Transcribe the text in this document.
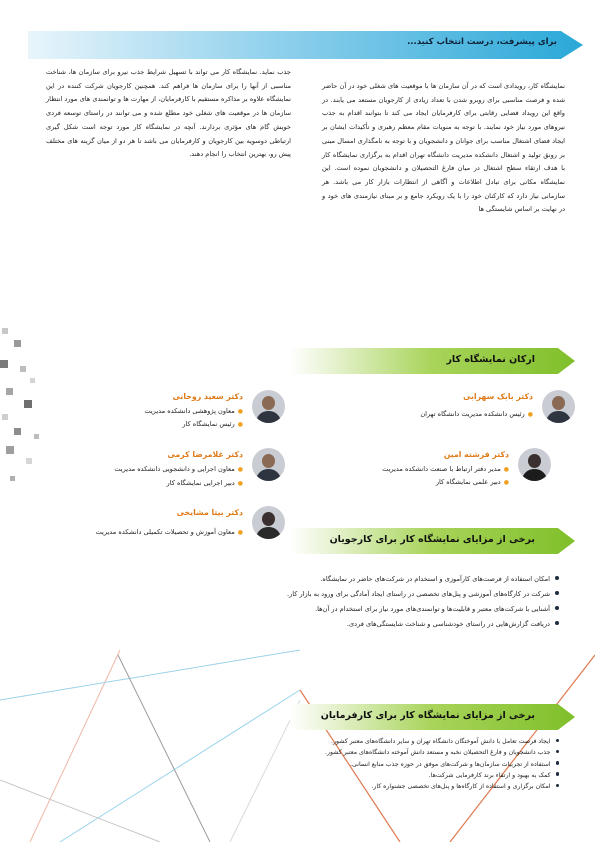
برای پیشرفت، درست انتخاب کنید...
نمایشگاه کار، رویدادی است که در آن سازمان ها با موقعیت های شغلی خود در آن حاضر شده و فرصت مناسبی برای روبرو شدن با تعداد زیادی از کارجویان مستعد می یابند. در واقع این رویداد فضایی رقابتی برای کارفرمایان ایجاد می کند تا بتوانند اقدام به جذب نیروهای مورد نیاز خود نمایند. با توجه به منویات مقام معظم رهبری و تأکیدات ایشان بر ایجاد فضای اشتغال مناسب برای جوانان و دانشجویان و با توجه به نامگذاری امسال مبنی بر رونق تولید و اشتغال دانشکده مدیریت دانشگاه تهران اقدام به برگزاری نمایشگاه کار با هدف ارتقاء سطح اشتغال در میان فارغ التحصیلان و دانشجویان نموده است. این نمایشگاه مکانی برای تبادل اطلاعات و آگاهی از انتظارات بازار کار می باشد. هر سازمانی نیاز دارد که کارکنان خود را با یک رویکرد جامع و بر مبنای نیازمندی های خود و در نهایت بر اساس شایستگی ها
جذب نماید. نمایشگاه کار می تواند با تسهیل شرایط جذب نیرو برای سازمان ها، شناخت مناسبی از آنها را برای سازمان ها فراهم کند. همچنین کارجویان شرکت کننده در این نمایشگاه علاوه بر مذاکره مستقیم با کارفرمایان، از مهارت ها و توانمندی های مورد انتظار سازمان ها در موقعیت های شغلی خود مطلع شده و می توانند در راستای توسعه فردی خویش گام های مؤثری بردارند. آنچه در نمایشگاه کار مورد توجه است شکل گیری ارتباطی دوسویه بین کارجویان و کارفرمایان می باشد تا هر دو از میان گزینه های مختلف پیش رو، بهترین انتخاب را انجام دهند.
ارکان نمایشگاه کار
دکتر بابک سهرابی
●رئیس دانشکده مدیریت دانشگاه تهران
دکتر سعید روحانی
●معاون پژوهشی دانشکده مدیریت
●رئیس نمایشگاه کار
دکتر فرشته امین
●مدیر دفتر ارتباط با صنعت دانشکده مدیریت
●دبیر علمی نمایشگاه کار
دکتر غلامرضا کرمی
●معاون اجرایی و دانشجویی دانشکده مدیریت
●دبیر اجرایی نمایشگاه کار
دکتر بیتا مشایخی
●معاون آموزش و تحصیلات تکمیلی دانشکده مدیریت
برخی از مزایای نمایشگاه کار برای کارجویان
امکان استفاده از فرصت‌های کارآموزی و استخدام در شرکت‌های حاضر در نمایشگاه.
شرکت در کارگاه‌های آموزشی و پنل‌های تخصصی در راستای ایجاد آمادگی برای ورود به بازار کار.
آشنایی با شرکت‌های معتبر و قابلیت‌ها و توانمندی‌های مورد نیاز برای استخدام در آن‌ها.
دریافت گزارش‌هایی در راستای خودشناسی و شناخت شایستگی‌های فردی.
برخی از مزایای نمایشگاه کار برای کارفرمایان
ایجاد فرصت تعامل با دانش آموختگان دانشگاه تهران و سایر دانشگاه‌های معتبر کشور.
جذب دانشجویان و فارغ التحصیلان نخبه و مستعد دانش آموخته دانشگاه‌های معتبر کشور.
استفاده از تجربیات سازمان‌ها و شرکت‌های موفق در حوزه جذب منابع انسانی.
کمک به بهبود و ارتقاء برند کارفرمایی شرکت‌ها.
امکان برگزاری و استفاده از کارگاه‌ها و پنل‌های تخصصی جشنواره کار.
